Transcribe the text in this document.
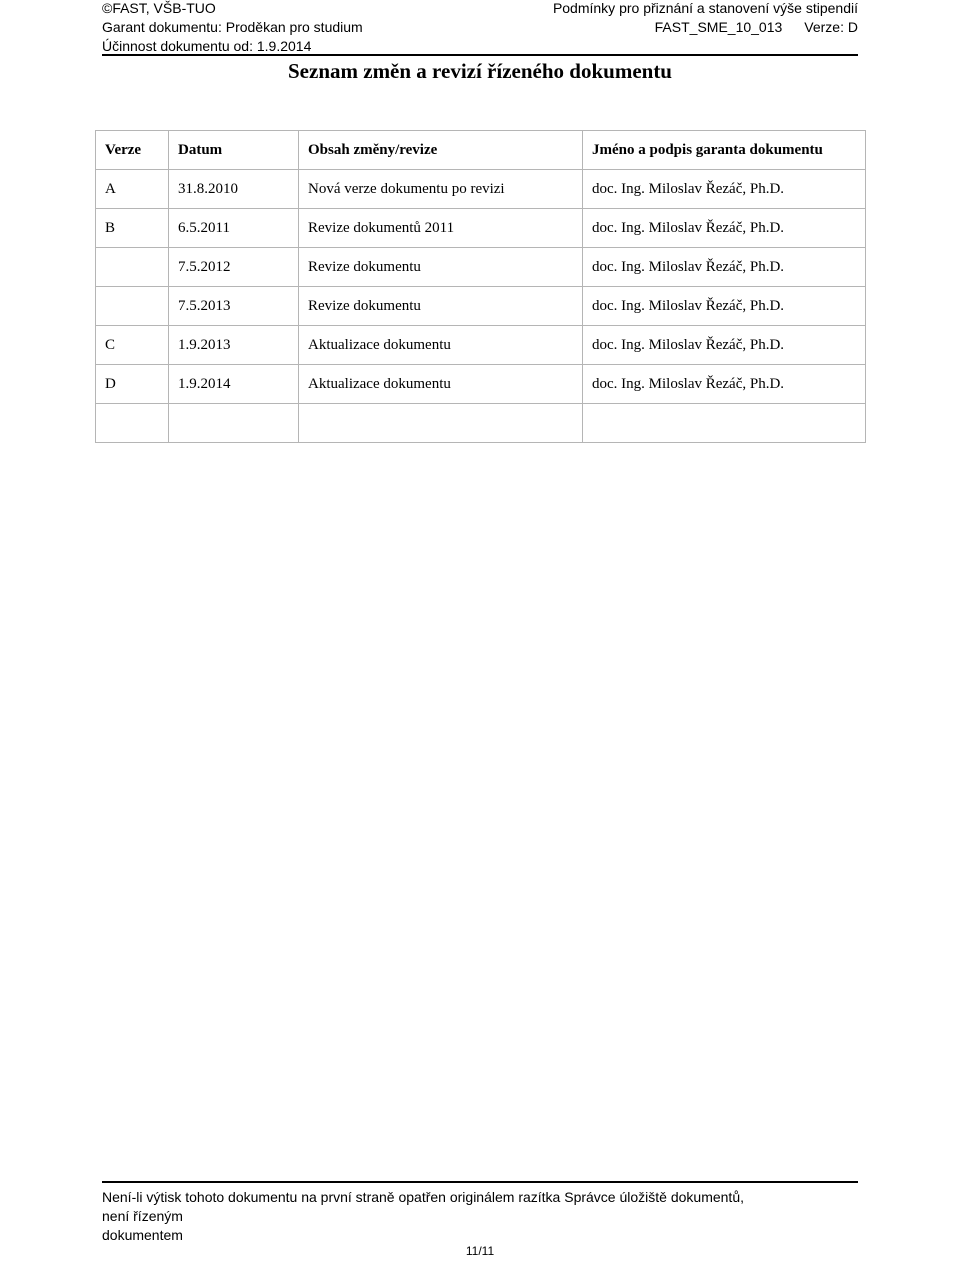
©FAST, VŠB-TUO
Garant dokumentu: Proděkan pro studium
Účinnost dokumentu od: 1.9.2014
Podmínky pro přiznání a stanovení výše stipendií
FAST_SME_10_013 Verze: D
Seznam změn a revizí řízeného dokumentu
Verze	Datum	Obsah změny/revize	Jméno a podpis garanta dokumentu
A	31.8.2010	Nová verze dokumentu po revizi	doc. Ing. Miloslav Řezáč, Ph.D.
B	6.5.2011	Revize dokumentů 2011	doc. Ing. Miloslav Řezáč, Ph.D.
	7.5.2012	Revize dokumentu	doc. Ing. Miloslav Řezáč, Ph.D.
	7.5.2013	Revize dokumentu	doc. Ing. Miloslav Řezáč, Ph.D.
C	1.9.2013	Aktualizace dokumentu	doc. Ing. Miloslav Řezáč, Ph.D.
D	1.9.2014	Aktualizace dokumentu	doc. Ing. Miloslav Řezáč, Ph.D.

Není-li výtisk tohoto dokumentu na první straně opatřen originálem razítka Správce úložiště dokumentů,
není řízeným
dokumentem
11/11
